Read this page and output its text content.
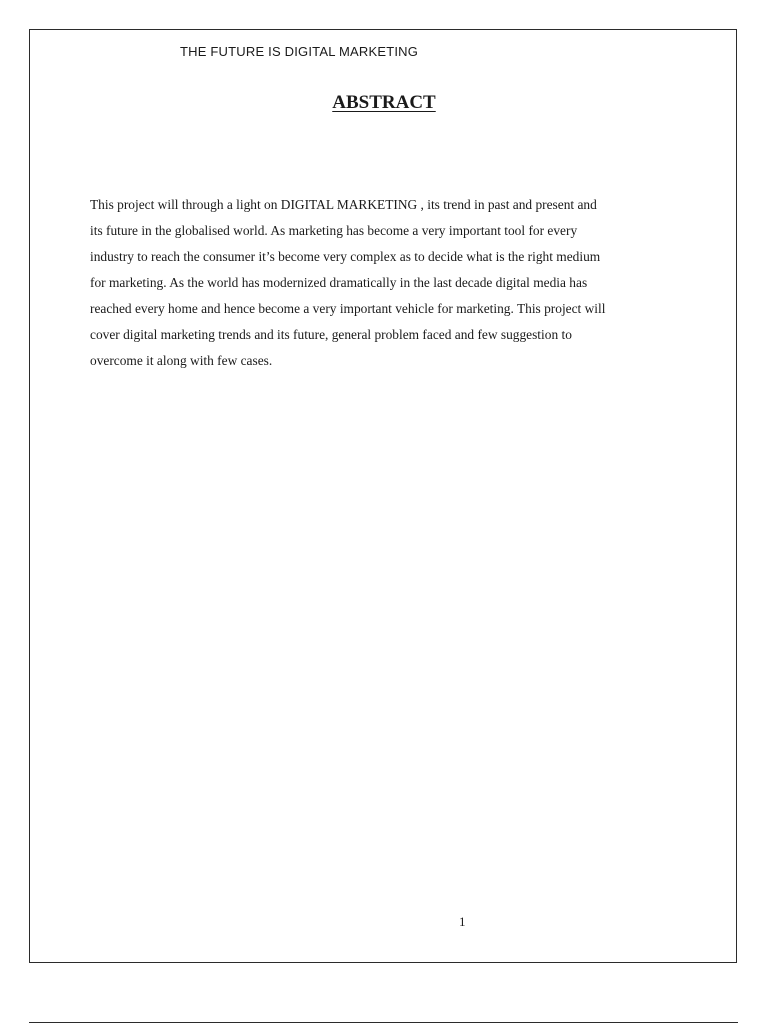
THE FUTURE IS DIGITAL MARKETING
ABSTRACT

This project will through a light on DIGITAL MARKETING , its trend in past and present and
its future in the globalised world. As marketing has become a very important tool for every
industry to reach the consumer it’s become very complex as to decide what is the right medium
for marketing. As the world has modernized dramatically in the last decade digital media has
reached every home and hence become a very important vehicle for marketing. This project will
cover digital marketing trends and its future, general problem faced and few suggestion to
overcome it along with few cases.

1
